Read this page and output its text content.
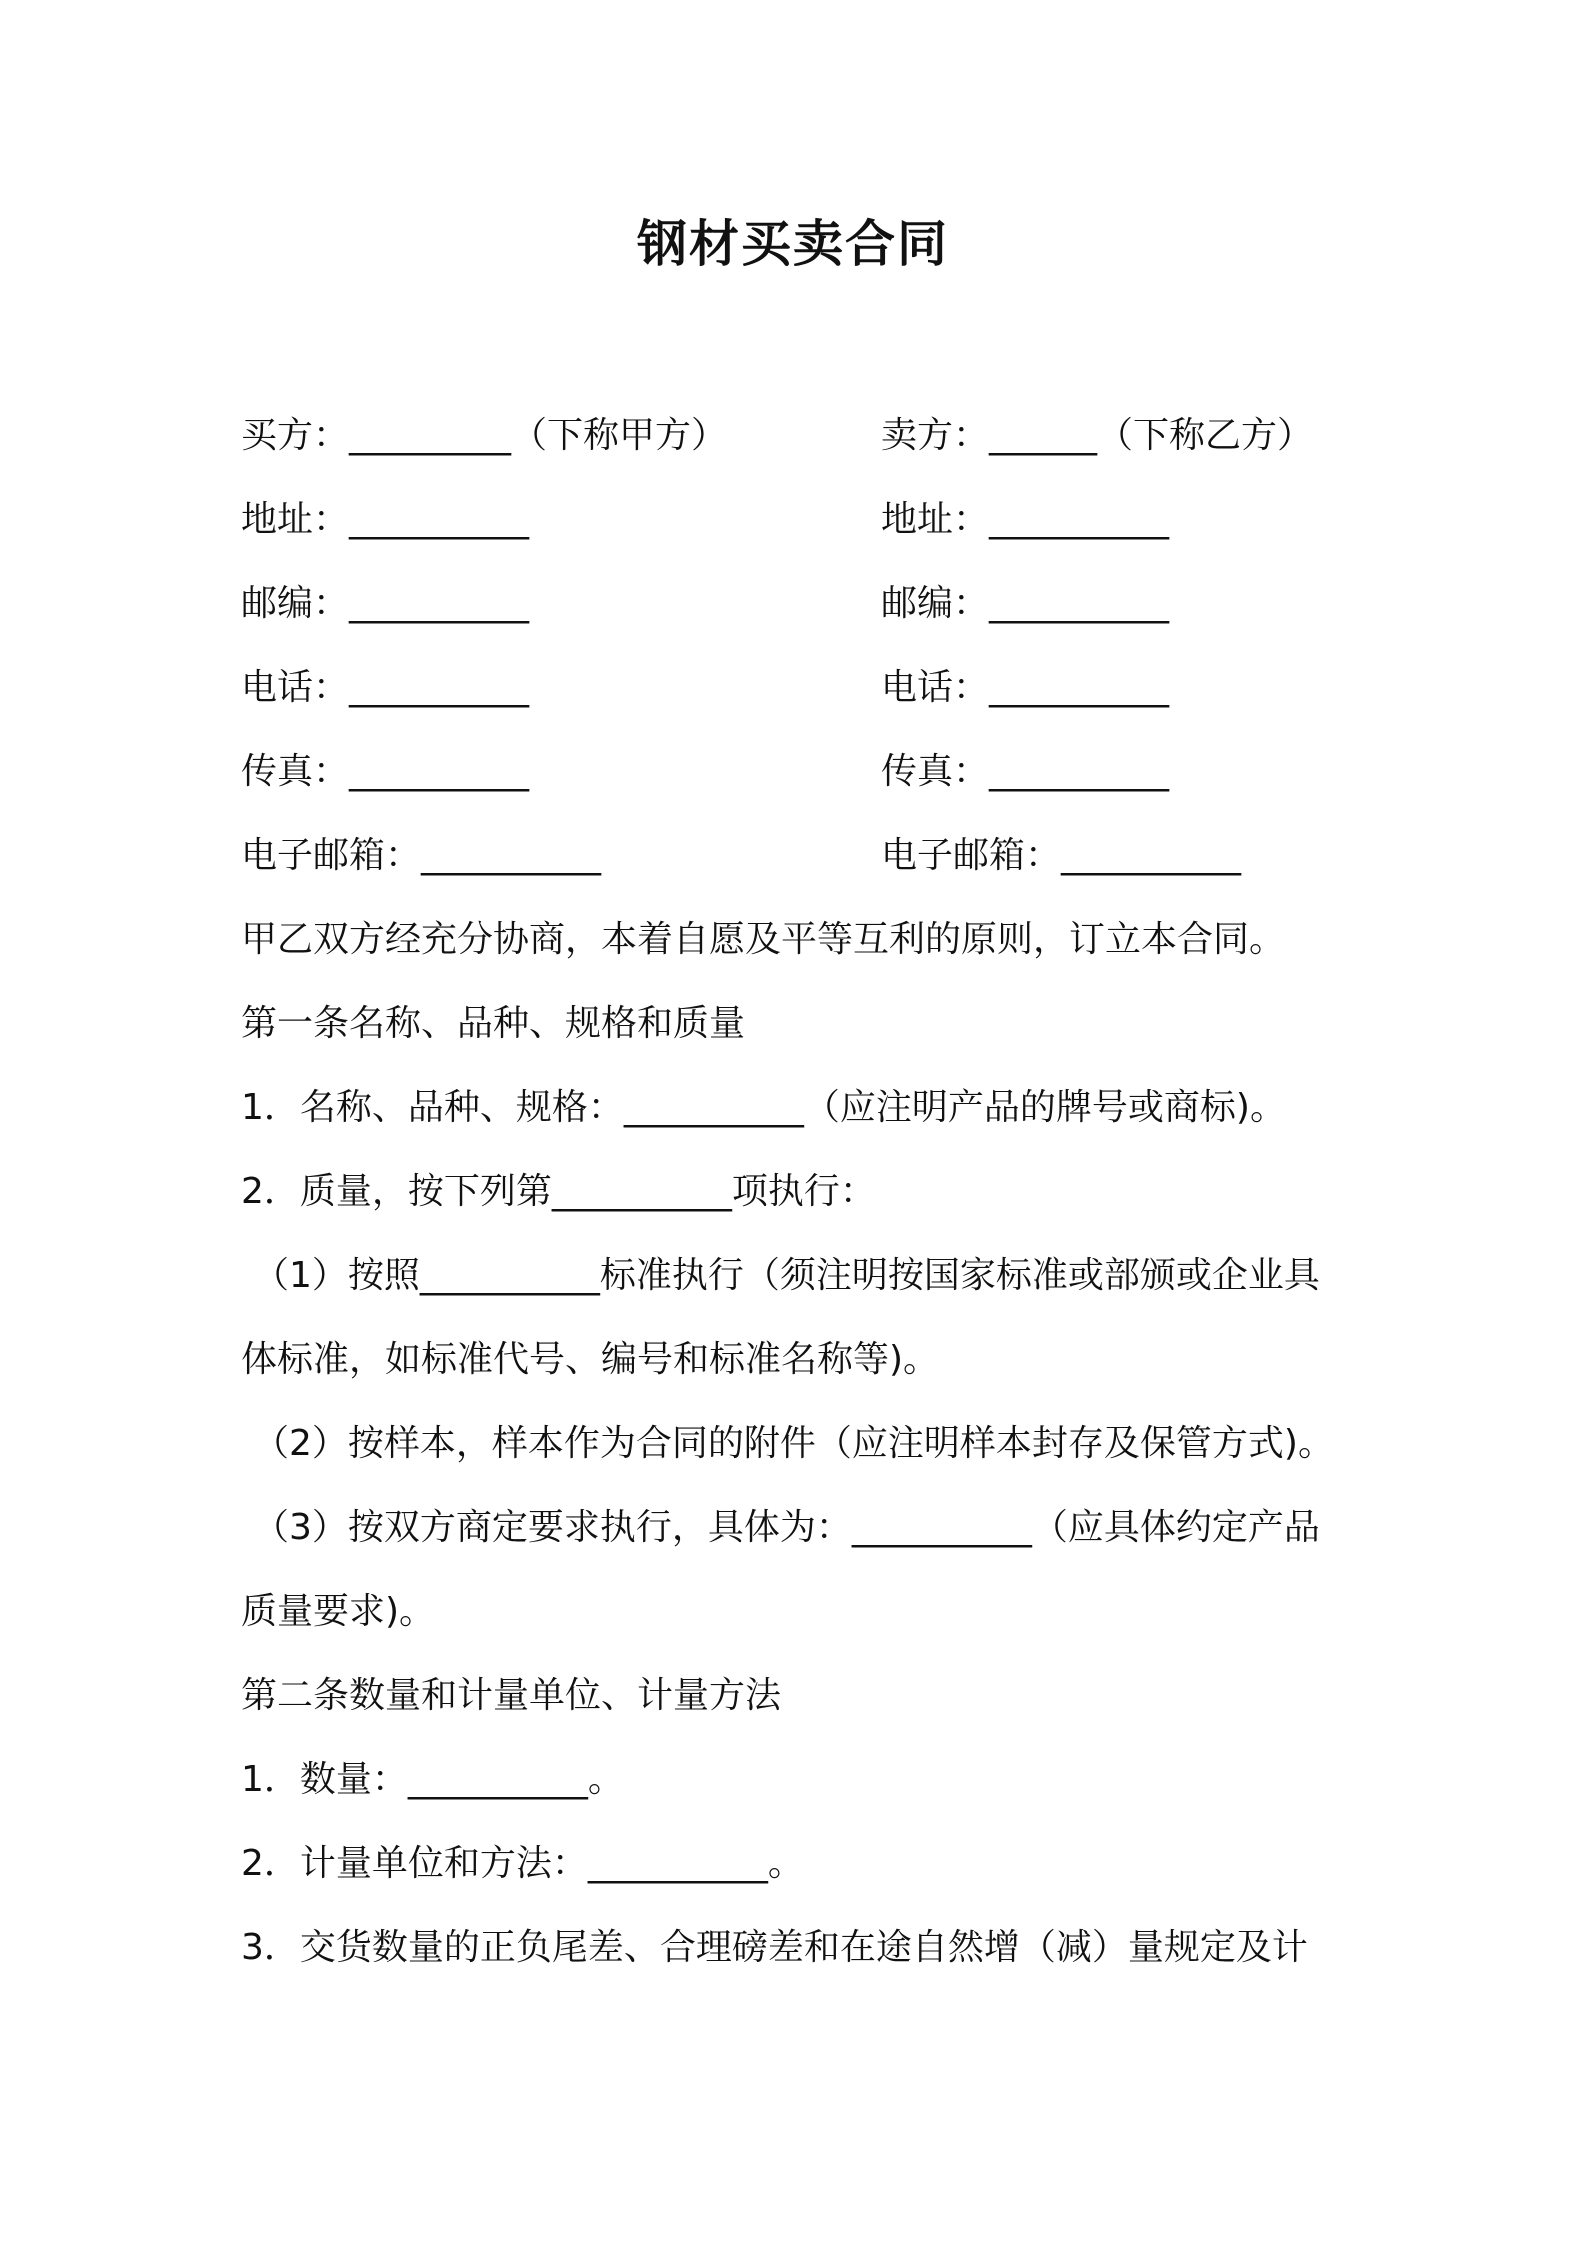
钢材买卖合同
买方：_________（下称甲方）	卖方：______（下称乙方）
地址：__________	地址：__________
邮编：__________	邮编：__________
电话：__________	电话：__________
传真：__________	传真：__________
电子邮箱：__________	电子邮箱：__________
甲乙双方经充分协商，本着自愿及平等互利的原则，订立本合同。
第一条名称、品种、规格和质量
1．名称、品种、规格：__________（应注明产品的牌号或商标)。
2．质量，按下列第__________项执行：
（1）按照__________标准执行（须注明按国家标准或部颁或企业具
体标准，如标准代号、编号和标准名称等)。
（2）按样本，样本作为合同的附件（应注明样本封存及保管方式)。
（3）按双方商定要求执行，具体为：__________（应具体约定产品
质量要求)。
第二条数量和计量单位、计量方法
1．数量：__________。
2．计量单位和方法：__________。
3．交货数量的正负尾差、合理磅差和在途自然增（减）量规定及计
